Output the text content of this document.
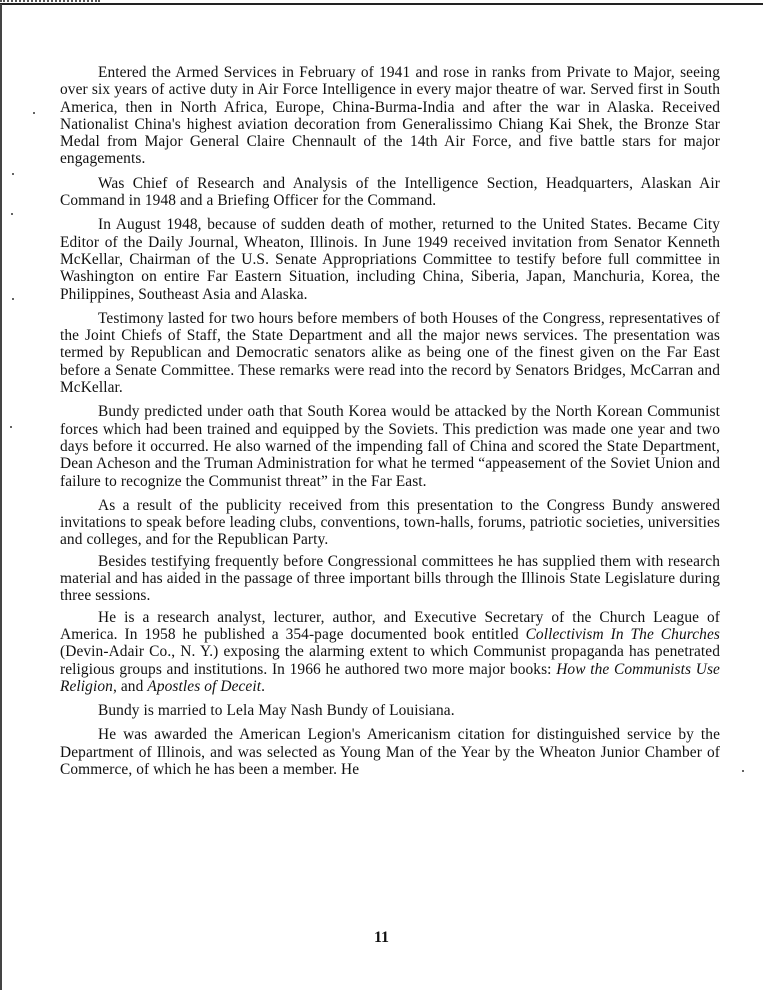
Entered the Armed Services in February of 1941 and rose in ranks from Private to Major, seeing over six years of active duty in Air Force Intelligence in every major theatre of war. Served first in South America, then in North Africa, Europe, China-Burma-India and after the war in Alaska. Received Nationalist China's highest aviation decoration from Generalissimo Chiang Kai Shek, the Bronze Star Medal from Major General Claire Chennault of the 14th Air Force, and five battle stars for major engagements.

Was Chief of Research and Analysis of the Intelligence Section, Headquarters, Alaskan Air Command in 1948 and a Briefing Officer for the Command.

In August 1948, because of sudden death of mother, returned to the United States. Became City Editor of the Daily Journal, Wheaton, Illinois. In June 1949 received invitation from Senator Kenneth McKellar, Chairman of the U.S. Senate Appropriations Committee to testify before full committee in Washington on entire Far Eastern Situation, including China, Siberia, Japan, Manchuria, Korea, the Philippines, Southeast Asia and Alaska.

Testimony lasted for two hours before members of both Houses of the Congress, representatives of the Joint Chiefs of Staff, the State Department and all the major news services. The presentation was termed by Republican and Democratic senators alike as being one of the finest given on the Far East before a Senate Committee. These remarks were read into the record by Senators Bridges, McCarran and McKellar.

Bundy predicted under oath that South Korea would be attacked by the North Korean Communist forces which had been trained and equipped by the Soviets. This prediction was made one year and two days before it occurred. He also warned of the impending fall of China and scored the State Department, Dean Acheson and the Truman Administration for what he termed “appeasement of the Soviet Union and failure to recognize the Communist threat” in the Far East.

As a result of the publicity received from this presentation to the Congress Bundy answered invitations to speak before leading clubs, conventions, town-halls, forums, patriotic societies, universities and colleges, and for the Republican Party.

Besides testifying frequently before Congressional committees he has supplied them with research material and has aided in the passage of three important bills through the Illinois State Legislature during three sessions.

He is a research analyst, lecturer, author, and Executive Secretary of the Church League of America. In 1958 he published a 354-page documented book entitled Collectivism In The Churches (Devin-Adair Co., N. Y.) exposing the alarming extent to which Communist propaganda has penetrated religious groups and institutions. In 1966 he authored two more major books: How the Communists Use Religion, and Apostles of Deceit.

Bundy is married to Lela May Nash Bundy of Louisiana.

He was awarded the American Legion's Americanism citation for distinguished service by the Department of Illinois, and was selected as Young Man of the Year by the Wheaton Junior Chamber of Commerce, of which he has been a member. He

11
